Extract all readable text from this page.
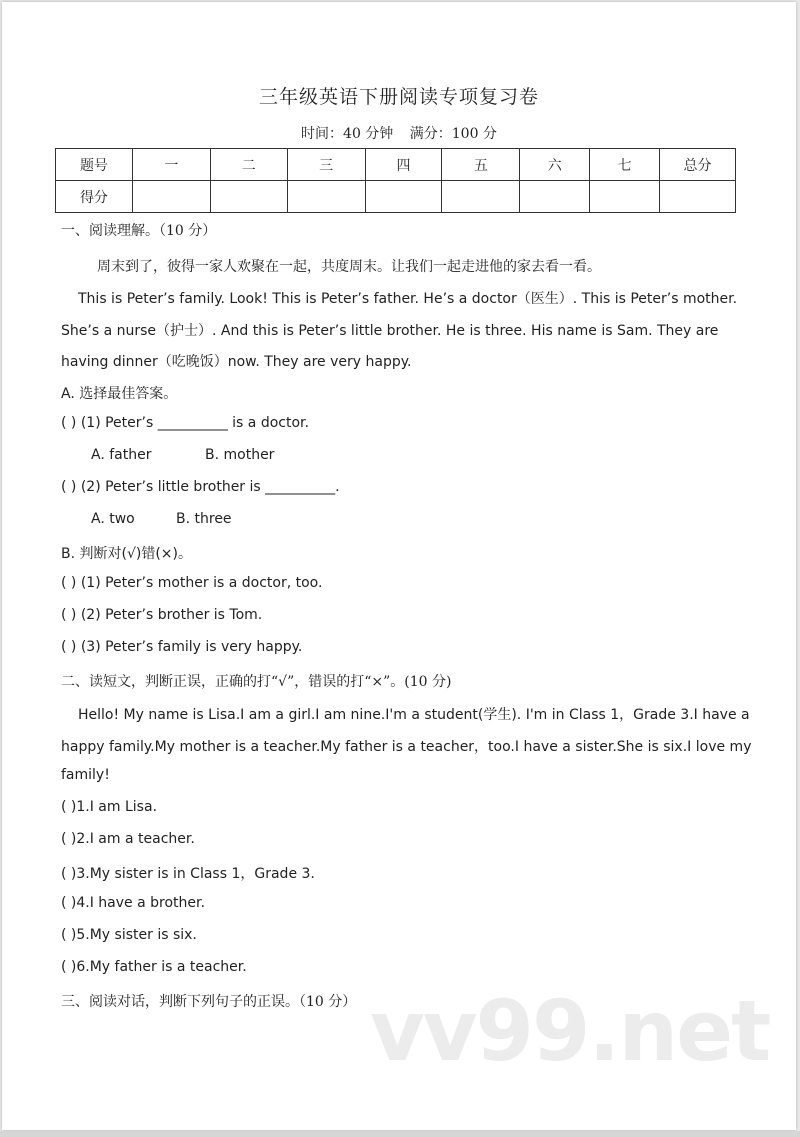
三年级英语下册阅读专项复习卷
时间：40 分钟 满分：100 分
题号	一	二	三	四	五	六	七	总分
得分								
一、阅读理解。（10 分）
周末到了，彼得一家人欢聚在一起，共度周末。让我们一起走进他的家去看一看。
This is Peter’s family. Look! This is Peter’s father. He’s a doctor（医生）. This is Peter’s mother.
She’s a nurse（护士）. And this is Peter’s little brother. He is three. His name is Sam. They are
having dinner（吃晚饭）now. They are very happy.
A. 选择最佳答案。
( ) (1) Peter’s __________ is a doctor.
A. father	B. mother
( ) (2) Peter’s little brother is __________.
A. two	B. three
B. 判断对(√)错(×)。
( ) (1) Peter’s mother is a doctor, too.
( ) (2) Peter’s brother is Tom.
( ) (3) Peter’s family is very happy.
二、读短文，判断正误，正确的打“√”，错误的打“×”。(10 分)
Hello! My name is Lisa.I am a girl.I am nine.I'm a student(学生). I'm in Class 1，Grade 3.I have a
happy family.My mother is a teacher.My father is a teacher，too.I have a sister.She is six.I love my
family!
( )1.I am Lisa.
( )2.I am a teacher.
( )3.My sister is in Class 1，Grade 3.
( )4.I have a brother.
( )5.My sister is six.
( )6.My father is a teacher.
三、阅读对话，判断下列句子的正误。（10 分） vv99.net
